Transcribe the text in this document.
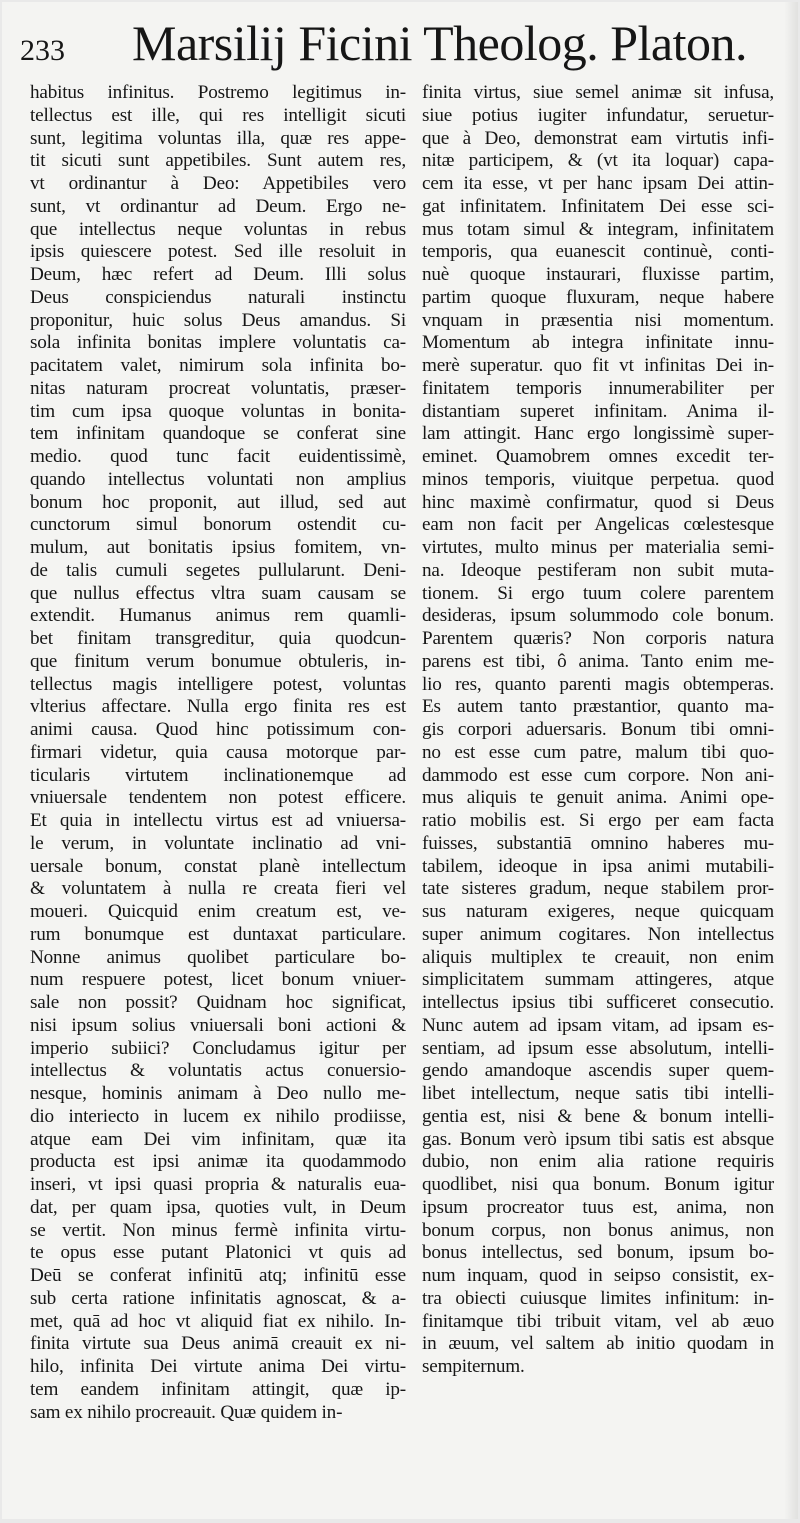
233 Marsilij Ficini Theolog. Platon.
habitus infinitus. Postremo legitimus in-
tellectus est ille, qui res intelligit sicuti
sunt, legitima voluntas illa, quæ res appe-
tit sicuti sunt appetibiles. Sunt autem res,
vt ordinantur à Deo: Appetibiles vero
sunt, vt ordinantur ad Deum. Ergo ne-
que intellectus neque voluntas in rebus
ipsis quiescere potest. Sed ille resoluit in
Deum, hæc refert ad Deum. Illi solus
Deus conspiciendus naturali instinctu
proponitur, huic solus Deus amandus. Si
sola infinita bonitas implere voluntatis ca-
pacitatem valet, nimirum sola infinita bo-
nitas naturam procreat voluntatis, præser-
tim cum ipsa quoque voluntas in bonita-
tem infinitam quandoque se conferat sine
medio. quod tunc facit euidentissimè,
quando intellectus voluntati non amplius
bonum hoc proponit, aut illud, sed aut
cunctorum simul bonorum ostendit cu-
mulum, aut bonitatis ipsius fomitem, vn-
de talis cumuli segetes pullularunt. Deni-
que nullus effectus vltra suam causam se
extendit. Humanus animus rem quamli-
bet finitam transgreditur, quia quodcun-
que finitum verum bonumue obtuleris, in-
tellectus magis intelligere potest, voluntas
vlterius affectare. Nulla ergo finita res est
animi causa. Quod hinc potissimum con-
firmari videtur, quia causa motorque par-
ticularis virtutem inclinationemque ad
vniuersale tendentem non potest efficere.
Et quia in intellectu virtus est ad vniuersa-
le verum, in voluntate inclinatio ad vni-
uersale bonum, constat planè intellectum
& voluntatem à nulla re creata fieri vel
moueri. Quicquid enim creatum est, ve-
rum bonumque est duntaxat particulare.
Nonne animus quolibet particulare bo-
num respuere potest, licet bonum vniuer-
sale non possit? Quidnam hoc significat,
nisi ipsum solius vniuersali boni actioni &
imperio subiici? Concludamus igitur per
intellectus & voluntatis actus conuersio-
nesque, hominis animam à Deo nullo me-
dio interiecto in lucem ex nihilo prodiisse,
atque eam Dei vim infinitam, quæ ita
producta est ipsi animæ ita quodammodo
inseri, vt ipsi quasi propria & naturalis eua-
dat, per quam ipsa, quoties vult, in Deum
se vertit. Non minus fermè infinita virtu-
te opus esse putant Platonici vt quis ad
Deū se conferat infinitū atq; infinitū esse
sub certa ratione infinitatis agnoscat, & a-
met, quā ad hoc vt aliquid fiat ex nihilo. In-
finita virtute sua Deus animā creauit ex ni-
hilo, infinita Dei virtute anima Dei virtu-
tem eandem infinitam attingit, quæ ip-
sam ex nihilo procreauit. Quæ quidem in-
finita virtus, siue semel animæ sit infusa,
siue potius iugiter infundatur, seruetur-
que à Deo, demonstrat eam virtutis infi-
nitæ participem, & (vt ita loquar) capa-
cem ita esse, vt per hanc ipsam Dei attin-
gat infinitatem. Infinitatem Dei esse sci-
mus totam simul & integram, infinitatem
temporis, qua euanescit continuè, conti-
nuè quoque instaurari, fluxisse partim,
partim quoque fluxuram, neque habere
vnquam in præsentia nisi momentum.
Momentum ab integra infinitate innu-
merè superatur. quo fit vt infinitas Dei in-
finitatem temporis innumerabiliter per
distantiam superet infinitam. Anima il-
lam attingit. Hanc ergo longissimè super-
eminet. Quamobrem omnes excedit ter-
minos temporis, viuitque perpetua. quod
hinc maximè confirmatur, quod si Deus
eam non facit per Angelicas cœlestesque
virtutes, multo minus per materialia semi-
na. Ideoque pestiferam non subit muta-
tionem. Si ergo tuum colere parentem
desideras, ipsum solummodo cole bonum.
Parentem quæris? Non corporis natura
parens est tibi, ô anima. Tanto enim me-
lio res, quanto parenti magis obtemperas.
Es autem tanto præstantior, quanto ma-
gis corpori aduersaris. Bonum tibi omni-
no est esse cum patre, malum tibi quo-
dammodo est esse cum corpore. Non ani-
mus aliquis te genuit anima. Animi ope-
ratio mobilis est. Si ergo per eam facta
fuisses, substantiā omnino haberes mu-
tabilem, ideoque in ipsa animi mutabili-
tate sisteres gradum, neque stabilem pror-
sus naturam exigeres, neque quicquam
super animum cogitares. Non intellectus
aliquis multiplex te creauit, non enim
simplicitatem summam attingeres, atque
intellectus ipsius tibi sufficeret consecutio.
Nunc autem ad ipsam vitam, ad ipsam es-
sentiam, ad ipsum esse absolutum, intelli-
gendo amandoque ascendis super quem-
libet intellectum, neque satis tibi intelli-
gentia est, nisi & bene & bonum intelli-
gas. Bonum verò ipsum tibi satis est absque
dubio, non enim alia ratione requiris
quodlibet, nisi qua bonum. Bonum igitur
ipsum procreator tuus est, anima, non
bonum corpus, non bonus animus, non
bonus intellectus, sed bonum, ipsum bo-
num inquam, quod in seipso consistit, ex-
tra obiecti cuiusque limites infinitum: in-
finitamque tibi tribuit vitam, vel ab æuo
in æuum, vel saltem ab initio quodam in
sempiternum.
